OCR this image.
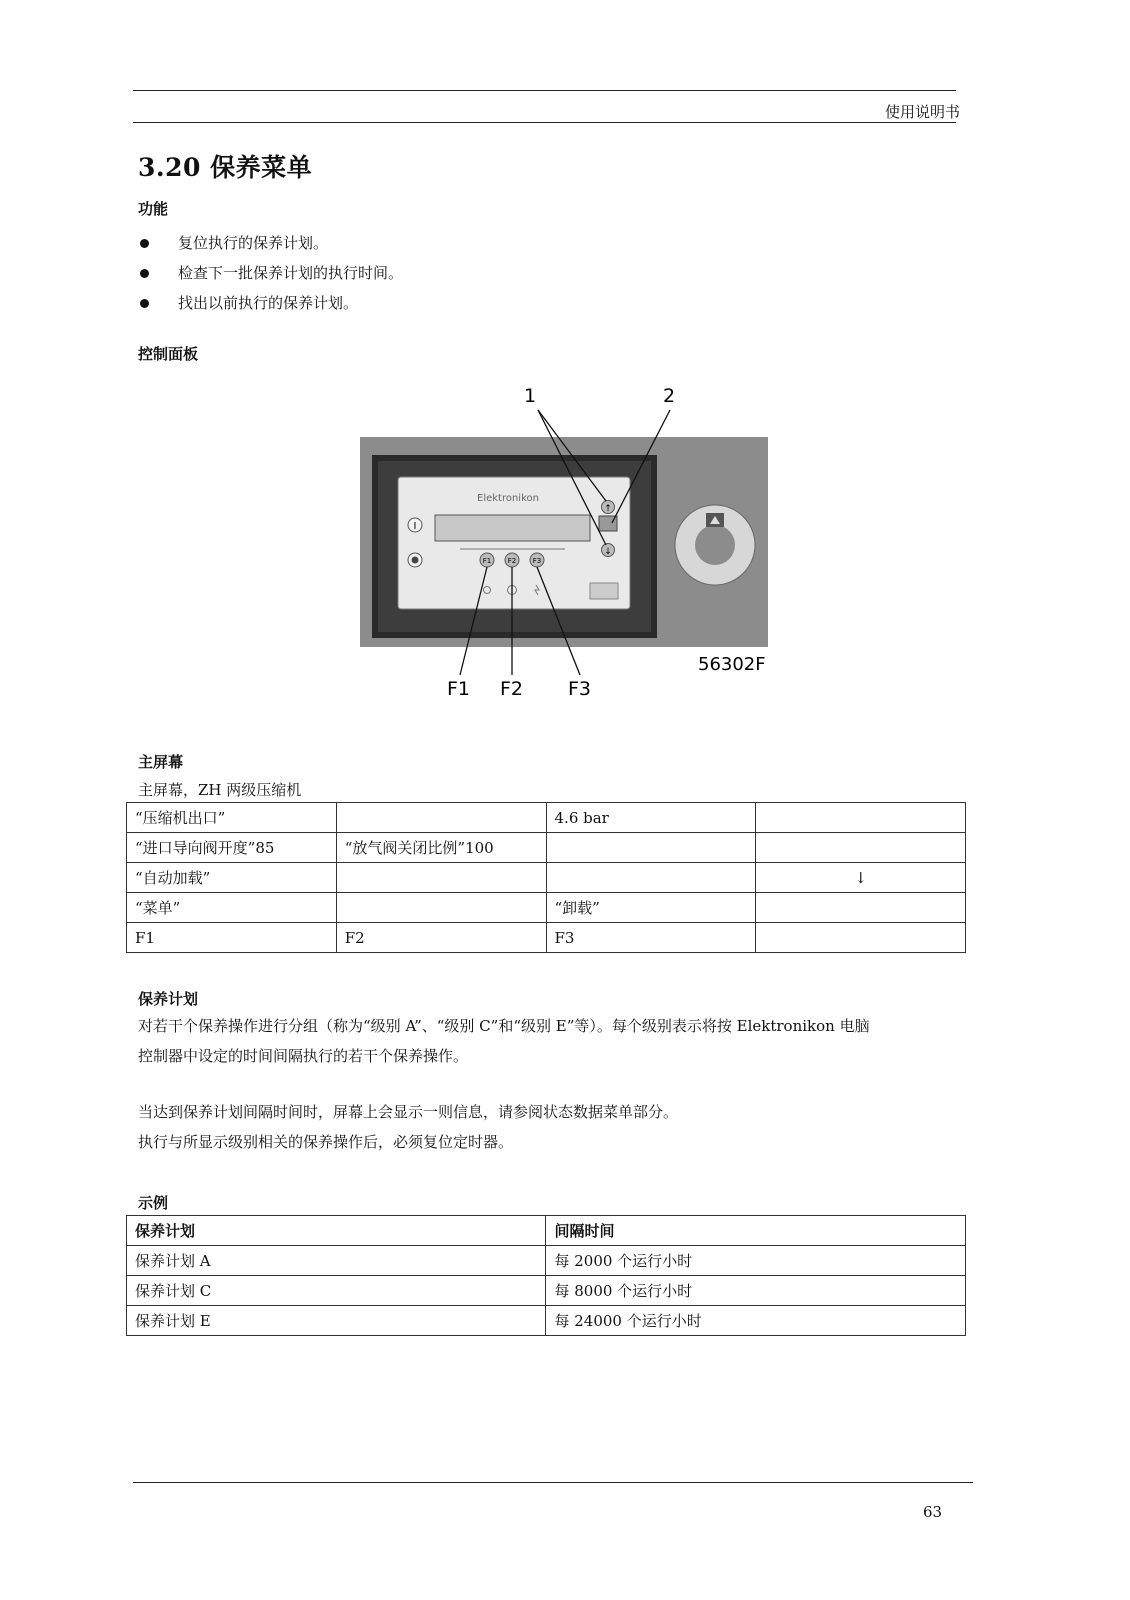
使用说明书
3.20 保养菜单
功能
复位执行的保养计划。
检查下一批保养计划的执行时间。
找出以前执行的保养计划。
控制面板
Elektronikon
I
F1 F2 F3
↑
↓
1	2
F1 F2 F3
56302F
主屏幕
主屏幕，ZH 两级压缩机
“压缩机出口”		4.6 bar	
“进口导向阀开度”85	“放气阀关闭比例”100		
“自动加载”			↓
“菜单”		“卸载”	
F1	F2	F3	
保养计划
对若干个保养操作进行分组（称为“级别 A”、“级别 C”和“级别 E”等）。每个级别表示将按 Elektronikon 电脑
控制器中设定的时间间隔执行的若干个保养操作。
当达到保养计划间隔时间时，屏幕上会显示一则信息，请参阅状态数据菜单部分。
执行与所显示级别相关的保养操作后，必须复位定时器。
示例
保养计划	间隔时间
保养计划 A	每 2000 个运行小时
保养计划 C	每 8000 个运行小时
保养计划 E	每 24000 个运行小时
63
